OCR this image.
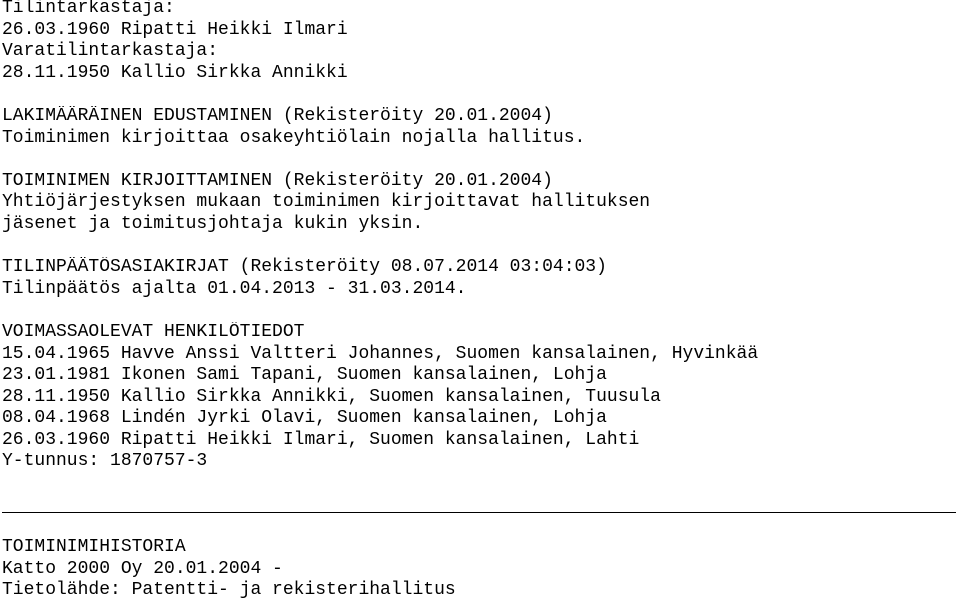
Tilintarkastaja:
26.03.1960 Ripatti Heikki Ilmari
Varatilintarkastaja:
28.11.1950 Kallio Sirkka Annikki
LAKIMÄÄRÄINEN EDUSTAMINEN (Rekisteröity 20.01.2004)
Toiminimen kirjoittaa osakeyhtiölain nojalla hallitus.
TOIMINIMEN KIRJOITTAMINEN (Rekisteröity 20.01.2004)
Yhtiöjärjestyksen mukaan toiminimen kirjoittavat hallituksen
jäsenet ja toimitusjohtaja kukin yksin.
TILINPÄÄTÖSASIAKIRJAT (Rekisteröity 08.07.2014 03:04:03)
Tilinpäätös ajalta 01.04.2013 - 31.03.2014.
VOIMASSAOLEVAT HENKILÖTIEDOT
15.04.1965 Havve Anssi Valtteri Johannes, Suomen kansalainen, Hyvinkää
23.01.1981 Ikonen Sami Tapani, Suomen kansalainen, Lohja
28.11.1950 Kallio Sirkka Annikki, Suomen kansalainen, Tuusula
08.04.1968 Lindén Jyrki Olavi, Suomen kansalainen, Lohja
26.03.1960 Ripatti Heikki Ilmari, Suomen kansalainen, Lahti
Y-tunnus: 1870757-3
TOIMINIMIHISTORIA
Katto 2000 Oy 20.01.2004 -
Tietolähde: Patentti- ja rekisterihallitus
